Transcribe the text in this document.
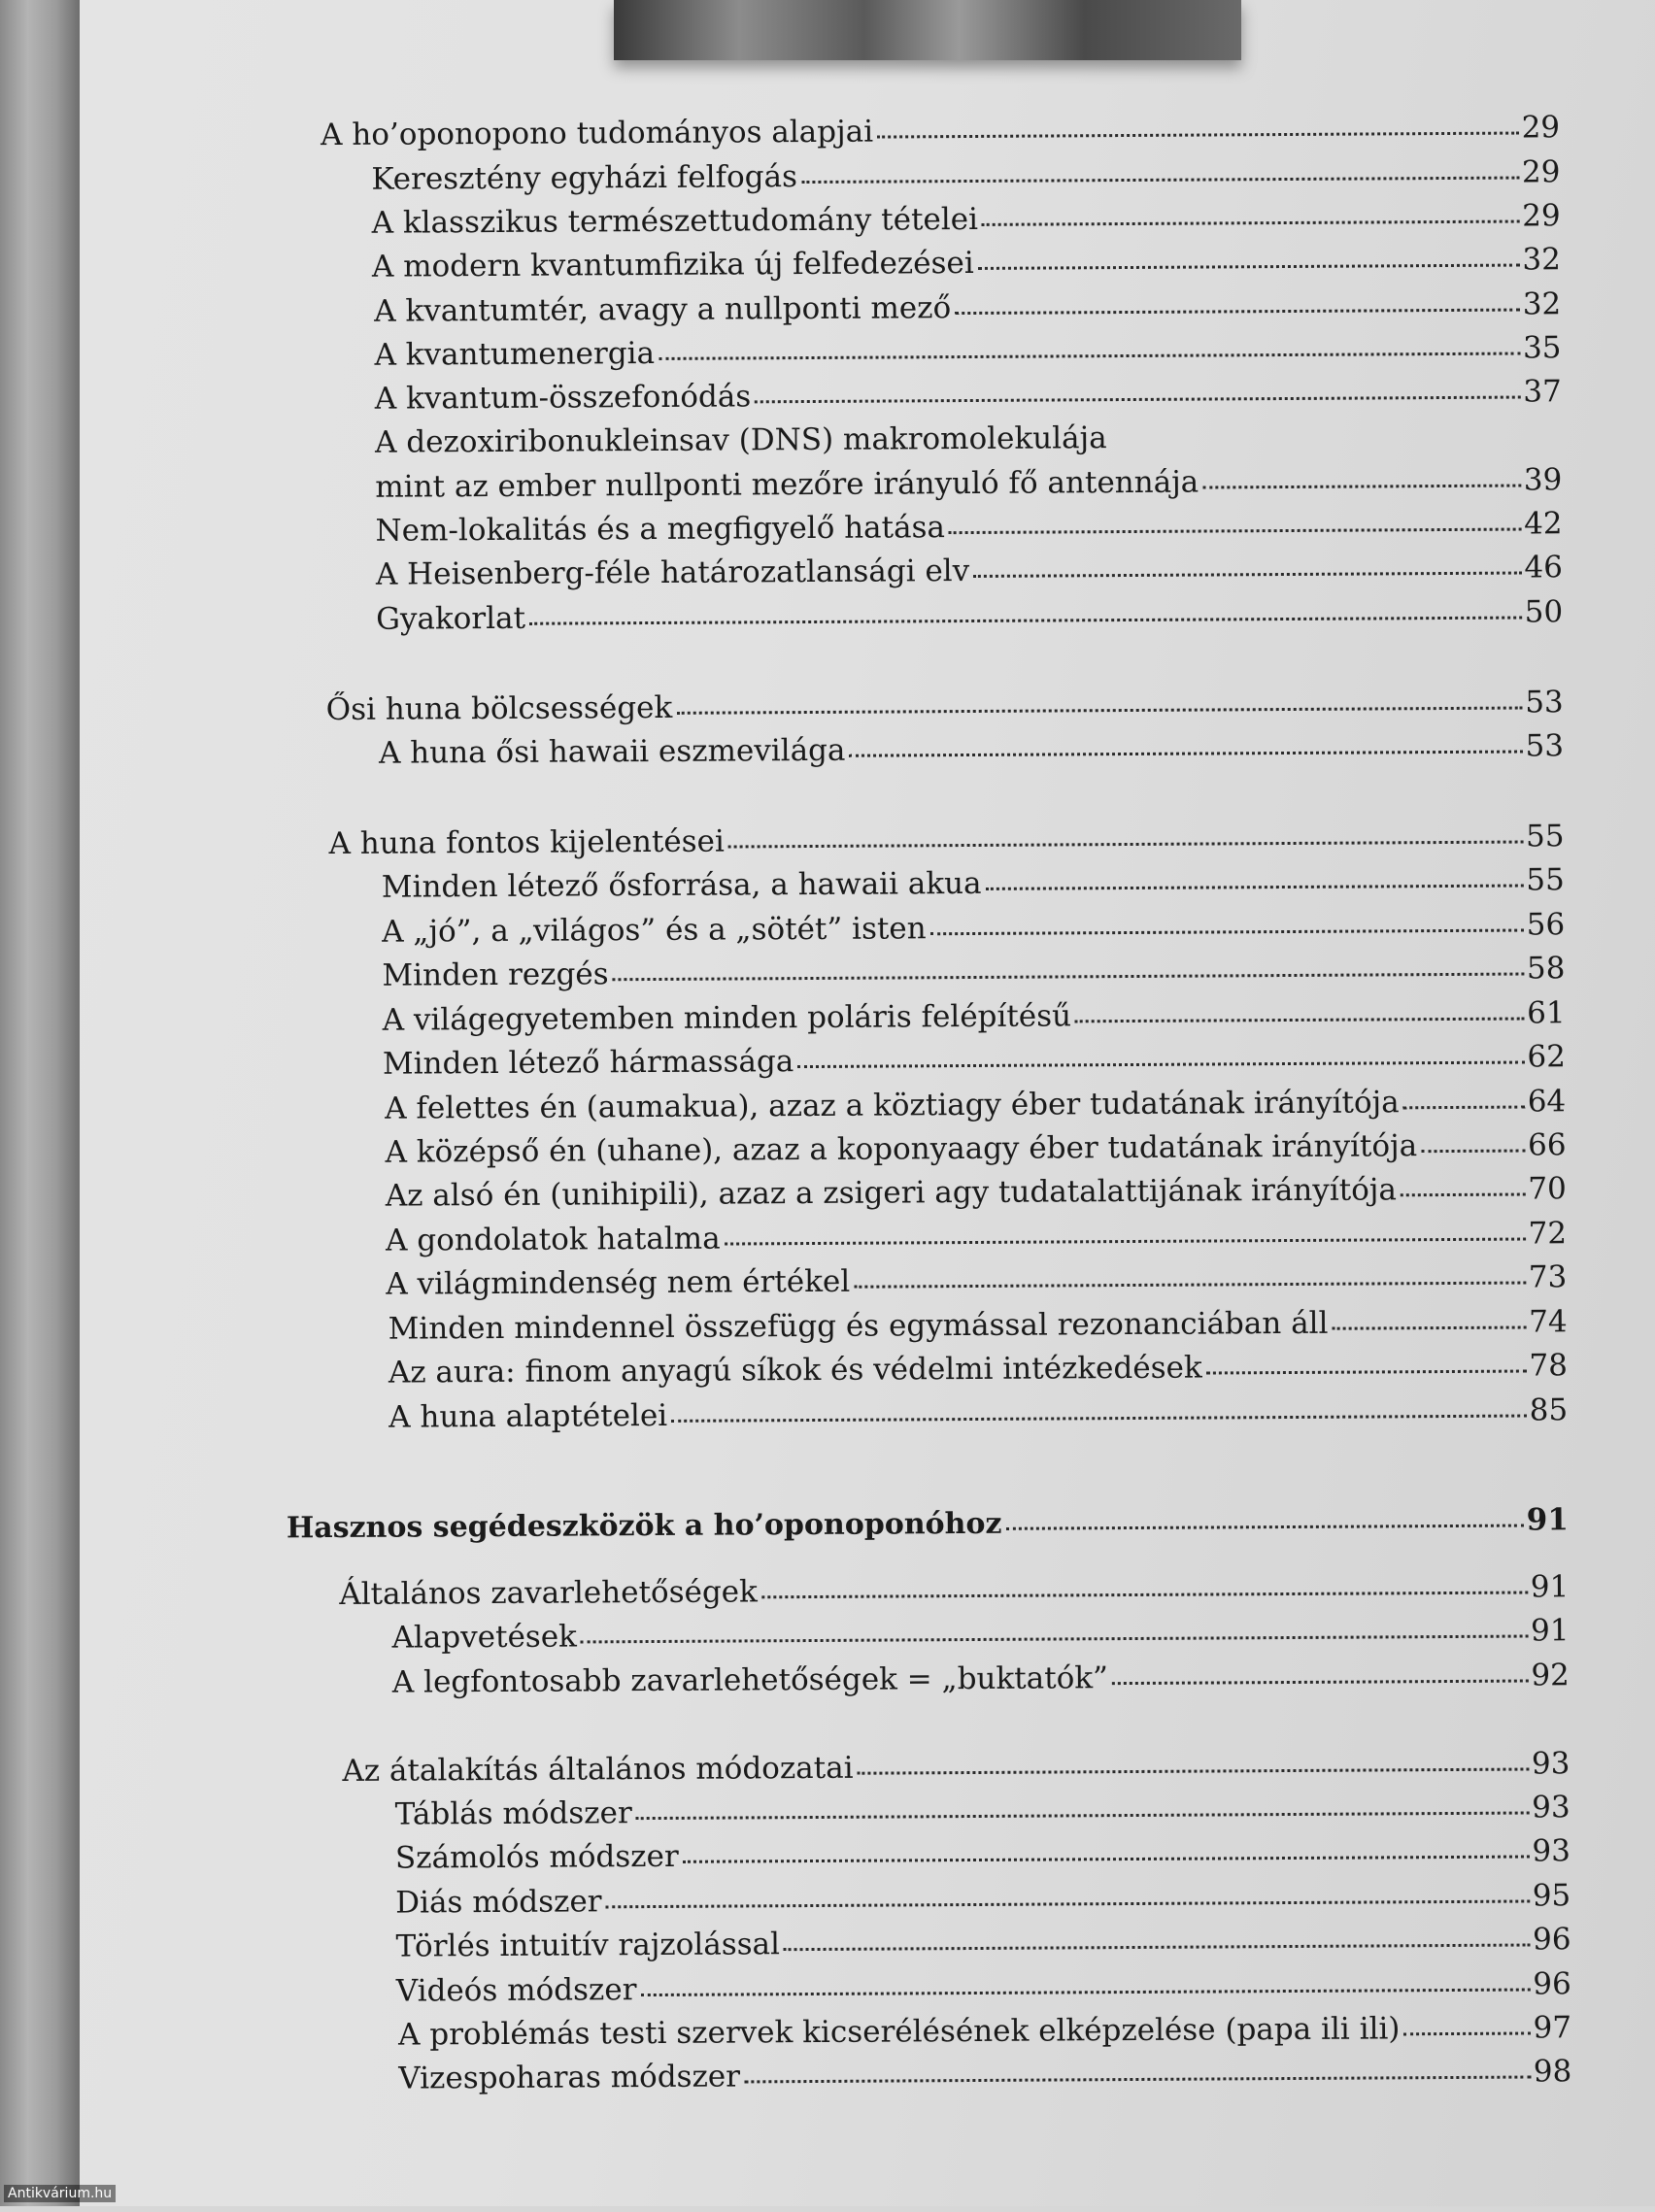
A ho’oponopono tudományos alapjai	29
Keresztény egyházi felfogás	29
A klasszikus természettudomány tételei	29
A modern kvantumfizika új felfedezései	32
A kvantumtér, avagy a nullponti mező	32
A kvantumenergia	35
A kvantum-összefonódás	37
A dezoxiribonukleinsav (DNS) makromolekulája
mint az ember nullponti mezőre irányuló fő antennája	39
Nem-lokalitás és a megfigyelő hatása	42
A Heisenberg-féle határozatlansági elv	46
Gyakorlat	50
Ősi huna bölcsességek	53
A huna ősi hawaii eszmevilága	53
A huna fontos kijelentései	55
Minden létező ősforrása, a hawaii akua	55
A „jó”, a „világos” és a „sötét” isten	56
Minden rezgés	58
A világegyetemben minden poláris felépítésű	61
Minden létező hármassága	62
A felettes én (aumakua), azaz a köztiagy éber tudatának irányítója	64
A középső én (uhane), azaz a koponyaagy éber tudatának irányítója	66
Az alsó én (unihipili), azaz a zsigeri agy tudatalattijának irányítója	70
A gondolatok hatalma	72
A világmindenség nem értékel	73
Minden mindennel összefügg és egymással rezonanciában áll	74
Az aura: finom anyagú síkok és védelmi intézkedések	78
A huna alaptételei	85
Hasznos segédeszközök a ho’oponoponóhoz	91
Általános zavarlehetőségek	91
Alapvetések	91
A legfontosabb zavarlehetőségek = „buktatók”	92
Az átalakítás általános módozatai	93
Táblás módszer	93
Számolós módszer	93
Diás módszer	95
Törlés intuitív rajzolással	96
Videós módszer	96
A problémás testi szervek kicserélésének elképzelése (papa ili ili)	97
Vizespoharas módszer	98
Antikvárium.hu
